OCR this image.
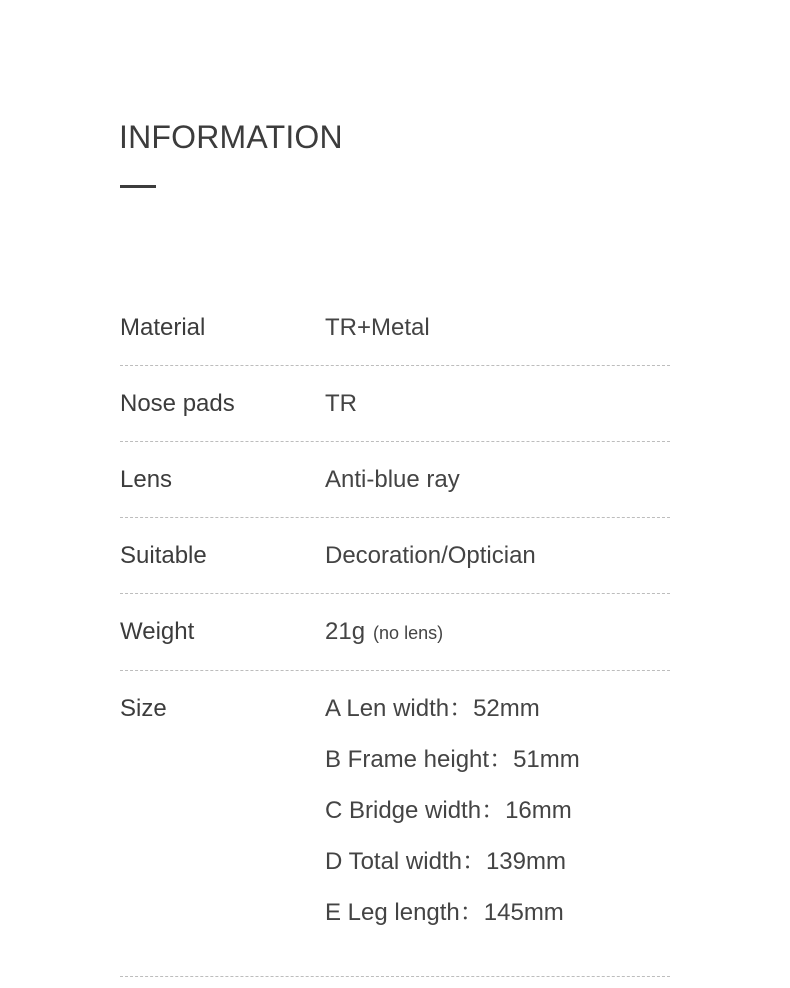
INFORMATION
Material	TR+Metal
Nose pads	TR
Lens	Anti-blue ray
Suitable	Decoration/Optician
Weight	21g (no lens)
Size	A Len width：52mm
B Frame height：51mm
C Bridge width：16mm
D Total width：139mm
E Leg length：145mm
